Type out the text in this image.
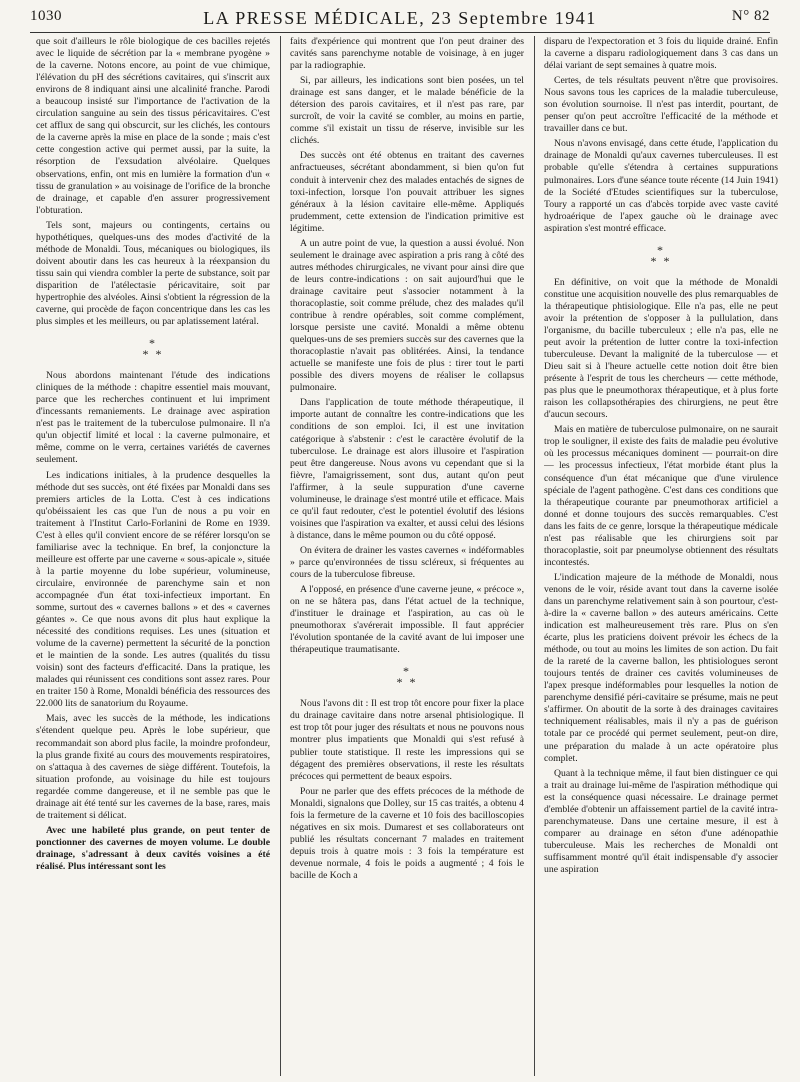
1030	LA PRESSE MÉDICALE, 23 Septembre 1941	N° 82

que soit d'ailleurs le rôle biologique de ces bacilles rejetés avec le liquide de sécrétion par la « membrane pyogène » de la caverne. Notons encore, au point de vue chimique, l'élévation du pH des sécrétions cavitaires, qui s'inscrit aux environs de 8 indiquant ainsi une alcalinité franche. Parodi a beaucoup insisté sur l'importance de l'activation de la circulation sanguine au sein des tissus péricavitaires. C'est cet afflux de sang qui obscurcit, sur les clichés, les contours de la caverne après la mise en place de la sonde ; mais c'est cette congestion active qui permet aussi, par la suite, la résorption de l'exsudation alvéolaire. Quelques observations, enfin, ont mis en lumière la formation d'un « tissu de granulation » au voisinage de l'orifice de la bronche de drainage, et capable d'en assurer progressivement l'obturation.

Tels sont, majeurs ou contingents, certains ou hypothétiques, quelques-uns des modes d'activité de la méthode de Monaldi. Tous, mécaniques ou biologiques, ils doivent aboutir dans les cas heureux à la réexpansion du tissu sain qui viendra combler la perte de substance, soit par disparition de l'atélectasie péricavitaire, soit par hypertrophie des alvéoles. Ainsi s'obtient la régression de la caverne, qui procède de façon concentrique dans les cas les plus simples et les meilleurs, ou par aplatissement latéral.

*
* *

Nous abordons maintenant l'étude des indications cliniques de la méthode : chapitre essentiel mais mouvant, parce que les recherches continuent et lui impriment d'incessants remaniements. Le drainage avec aspiration n'est pas le traitement de la tuberculose pulmonaire. Il n'a qu'un objectif limité et local : la caverne pulmonaire, et même, comme on le verra, certaines variétés de cavernes seulement.

Les indications initiales, à la prudence desquelles la méthode dut ses succès, ont été fixées par Monaldi dans ses premiers articles de la Lotta. C'est à ces indications qu'obéissaient les cas que l'un de nous a pu voir en traitement à l'Institut Carlo-Forlanini de Rome en 1939. C'est à elles qu'il convient encore de se référer lorsqu'on se familiarise avec la technique. En bref, la conjoncture la meilleure est offerte par une caverne « sous-apicale », située à la partie moyenne du lobe supérieur, volumineuse, circulaire, environnée de parenchyme sain et non accompagnée d'un état toxi-infectieux important. En somme, surtout des « cavernes ballons » et des « cavernes géantes ». Ce que nous avons dit plus haut explique la nécessité des conditions requises. Les unes (situation et volume de la caverne) permettent la sécurité de la ponction et le maintien de la sonde. Les autres (qualités du tissu voisin) sont des facteurs d'efficacité. Dans la pratique, les malades qui réunissent ces conditions sont assez rares. Pour en traiter 150 à Rome, Monaldi bénéficia des ressources des 22.000 lits de sanatorium du Royaume.

Mais, avec les succès de la méthode, les indications s'étendent quelque peu. Après le lobe supérieur, que recommandait son abord plus facile, la moindre profondeur, la plus grande fixité au cours des mouvements respiratoires, on s'attaqua à des cavernes de siège différent. Toutefois, la situation profonde, au voisinage du hile est toujours regardée comme dangereuse, et il ne semble pas que le drainage ait été tenté sur les cavernes de la base, rares, mais de traitement si délicat.

Avec une habileté plus grande, on peut tenter de ponctionner des cavernes de moyen volume. Le double drainage, s'adressant à deux cavités voisines a été réalisé. Plus intéressant sont les

faits d'expérience qui montrent que l'on peut drainer des cavités sans parenchyme notable de voisinage, à en juger par la radiographie.

Si, par ailleurs, les indications sont bien posées, un tel drainage est sans danger, et le malade bénéficie de la détersion des parois cavitaires, et il n'est pas rare, par surcroît, de voir la cavité se combler, au moins en partie, comme s'il existait un tissu de réserve, invisible sur les clichés.

Des succès ont été obtenus en traitant des cavernes anfractueuses, sécrétant abondamment, si bien qu'on fut conduit à intervenir chez des malades entachés de signes de toxi-infection, lorsque l'on pouvait attribuer les signes généraux à la lésion cavitaire elle-même. Appliqués prudemment, cette extension de l'indication primitive est légitime.

A un autre point de vue, la question a aussi évolué. Non seulement le drainage avec aspiration a pris rang à côté des autres méthodes chirurgicales, ne vivant pour ainsi dire que de leurs contre-indications : on sait aujourd'hui que le drainage cavitaire peut s'associer notamment à la thoracoplastie, soit comme prélude, chez des malades qu'il contribue à rendre opérables, soit comme complément, lorsque persiste une cavité. Monaldi a même obtenu quelques-uns de ses premiers succès sur des cavernes que la thoracoplastie n'avait pas oblitérées. Ainsi, la tendance actuelle se manifeste une fois de plus : tirer tout le parti possible des divers moyens de réaliser le collapsus pulmonaire.

Dans l'application de toute méthode thérapeutique, il importe autant de connaître les contre-indications que les conditions de son emploi. Ici, il est une invitation catégorique à s'abstenir : c'est le caractère évolutif de la tuberculose. Le drainage est alors illusoire et l'aspiration peut être dangereuse. Nous avons vu cependant que si la fièvre, l'amaigrissement, sont dus, autant qu'on peut l'affirmer, à la seule suppuration d'une caverne volumineuse, le drainage s'est montré utile et efficace. Mais ce qu'il faut redouter, c'est le potentiel évolutif des lésions voisines que l'aspiration va exalter, et aussi celui des lésions à distance, dans le même poumon ou du côté opposé.

On évitera de drainer les vastes cavernes « indéformables » parce qu'environnées de tissu scléreux, si fréquentes au cours de la tuberculose fibreuse.

A l'opposé, en présence d'une caverne jeune, « précoce », on ne se hâtera pas, dans l'état actuel de la technique, d'instituer le drainage et l'aspiration, au cas où le pneumothorax s'avérerait impossible. Il faut apprécier l'évolution spontanée de la cavité avant de lui imposer une thérapeutique traumatisante.

*
* *

Nous l'avons dit : Il est trop tôt encore pour fixer la place du drainage cavitaire dans notre arsenal phtisiologique. Il est trop tôt pour juger des résultats et nous ne pouvons nous montrer plus impatients que Monaldi qui s'est refusé à publier toute statistique. Il reste les impressions qui se dégagent des premières observations, il reste les résultats précoces qui permettent de beaux espoirs.

Pour ne parler que des effets précoces de la méthode de Monaldi, signalons que Dolley, sur 15 cas traités, a obtenu 4 fois la fermeture de la caverne et 10 fois des bacilloscopies négatives en six mois. Dumarest et ses collaborateurs ont publié les résultats concernant 7 malades en traitement depuis trois à quatre mois : 3 fois la température est devenue normale, 4 fois le poids a augmenté ; 4 fois le bacille de Koch a

disparu de l'expectoration et 3 fois du liquide drainé. Enfin la caverne a disparu radiologiquement dans 3 cas dans un délai variant de sept semaines à quatre mois.

Certes, de tels résultats peuvent n'être que provisoires. Nous savons tous les caprices de la maladie tuberculeuse, son évolution sournoise. Il n'est pas interdit, pourtant, de penser qu'on peut accroître l'efficacité de la méthode et travailler dans ce but.

Nous n'avons envisagé, dans cette étude, l'application du drainage de Monaldi qu'aux cavernes tuberculeuses. Il est probable qu'elle s'étendra à certaines suppurations pulmonaires. Lors d'une séance toute récente (14 Juin 1941) de la Société d'Etudes scientifiques sur la tuberculose, Toury a rapporté un cas d'abcès torpide avec vaste cavité hydroaérique de l'apex gauche où le drainage avec aspiration s'est montré efficace.

*
* *

En définitive, on voit que la méthode de Monaldi constitue une acquisition nouvelle des plus remarquables de la thérapeutique phtisiologique. Elle n'a pas, elle ne peut avoir la prétention de s'opposer à la pullulation, dans l'organisme, du bacille tuberculeux ; elle n'a pas, elle ne peut avoir la prétention de lutter contre la toxi-infection tuberculeuse. Devant la malignité de la tuberculose — et Dieu sait si à l'heure actuelle cette notion doit être bien présente à l'esprit de tous les chercheurs — cette méthode, pas plus que le pneumothorax thérapeutique, et à plus forte raison les collapsothérapies des chirurgiens, ne peut être d'aucun secours.

Mais en matière de tuberculose pulmonaire, on ne saurait trop le souligner, il existe des faits de maladie peu évolutive où les processus mécaniques dominent — pourrait-on dire — les processus infectieux, l'état morbide étant plus la conséquence d'un état mécanique que d'une virulence spéciale de l'agent pathogène. C'est dans ces conditions que la thérapeutique courante par pneumothorax artificiel a donné et donne toujours des succès remarquables. C'est dans les faits de ce genre, lorsque la thérapeutique médicale n'est pas réalisable que les chirurgiens soit par thoracoplastie, soit par pneumolyse obtiennent des résultats incontestés.

L'indication majeure de la méthode de Monaldi, nous venons de le voir, réside avant tout dans la caverne isolée dans un parenchyme relativement sain à son pourtour, c'est-à-dire la « caverne ballon » des auteurs américains. Cette indication est malheureusement très rare. Plus on s'en écarte, plus les praticiens doivent prévoir les échecs de la méthode, ou tout au moins les limites de son action. Du fait de la rareté de la caverne ballon, les phtisiologues seront toujours tentés de drainer ces cavités volumineuses de l'apex presque indéformables pour lesquelles la notion de parenchyme densifié péri-cavitaire se présume, mais ne peut s'affirmer. On aboutit de la sorte à des drainages cavitaires techniquement réalisables, mais il n'y a pas de guérison totale par ce procédé qui permet seulement, peut-on dire, une préparation du malade à un acte opératoire plus complet.

Quant à la technique même, il faut bien distinguer ce qui a trait au drainage lui-même de l'aspiration méthodique qui est la conséquence quasi nécessaire. Le drainage permet d'emblée d'obtenir un affaissement partiel de la cavité intra-parenchymateuse. Dans une certaine mesure, il est à comparer au drainage en séton d'une adénopathie tuberculeuse. Mais les recherches de Monaldi ont suffisamment montré qu'il était indispensable d'y associer une aspiration
